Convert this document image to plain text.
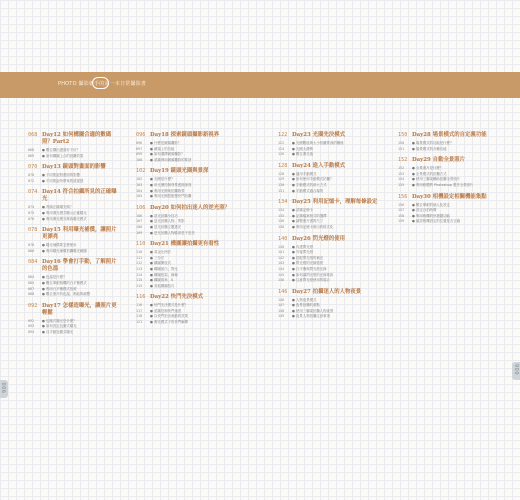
PHOTO 攝影新手的第一本日常攝影書
900
900
068 Day12 如何構圖合適的數碼照？Part2
068	● 數位構出畫面好不好？
069	● 如何構圖上合的拍攝效果
070 Day13 鏡頭對畫面的影響
070	● 不同焦距對畫面的影響
072	● 不同焦距所帶來的透視感
074 Day14 符合拍攝所見的正確曝光
074	● 判讀正確曝光嗎？
075	● 利用測光模式顯示正確曝光
076	● 利用測光模式修改曝光模式
078 Day15 利用曝光補償，讓照片更漂亮
078	● 曝光補償要怎麼使用
080	● 利用曝光補償拍攝曝光範圍
084 Day16 學會打手動，了解照片的色溫
084	● 色溫是什麼？
085	● 數位單眼相機的白平衡模式
087	● 利用白平衡模式拍照
088	● 數位照片的色溫，都能夠調整
092 Day17 怎樣造曝光，讓照片更輕鬆
092	● 包圍式曝光是什麼？
093	● 如何設定包圍式曝光
094	● 自手動包圍式曝光
096 Day18 探索鏡頭攝影新視界
096	● 什麼是鏡頭攝影？
097	● 鏡頭上的功能
099	● 如何選擇鏡頭攝影？
100	● 認識利用鏡頭攝影的要訣
102 Day19 鏡頭光圈與景深
102	● 光圈是什麼？
103	● 用光圈控制背景畫面深淺
104	● 利用光圈來拍攝散景
105	● 利用光圈搭配慢快門拍攝
106 Day20 如何拍出迷人的逆光照？
106	● 逆光拍攝小技巧
107	● 逆光拍攝人物、剪影
108	● 逆光拍攝主題透光
109	● 逆光拍攝人物臉部是不是亮
110 Day21 構圖讓拍攝更有看性
110	● 黃金比例法
111	● 三分法
112	● 構圖開放式
113	● 構圖留白、對比
114	● 構圖框架、線條
115	● 構圖視角、S
115	● 其他構圖技巧
116 Day22 快門先決模式
116	● 快門先決模式是什麼？
117	● 認識控制快門速度
118	● 以快門拍出流動的效果
121	● 測光模式下的快門解釋
122 Day23 光圈先決模式
122	● 光圈數值與大小拍攝景深的關係
124	● 光圈大優勢
126	● 數位測光值
128 Day24 進入手動模式
128	● 適用手動模式
129	● 如何使用手動模式拍攝？
130	● 手動模式的兩大方式
131	● 手動模式適合場景
134 Day25 利用記憶卡，理解每條設定
134	● 認識記憶卡
135	● 記錄檔案格式的選擇
136	● 調整照片畫質尺寸
138	● 利用記憶卡做出的格式化
140 Day26 閃光燈的使用
140	● 內建閃光燈
141	● 外接閃光燈
142	● 搭配閃光燈的補光
143	● 閃光燈的光線強度
144	● 白平衡與閃光燈光線
145	● 如何讓閃光燈的光線柔和
146	● 注意閃光燈使用的場合
146 Day27 拍攝迷人的人物夜景
146	● 人物夜景模式
147	● 夜景拍攝的重點
148	● 使用三腳架拍攝人物夜景
149	● 夜景人物拍攝注意事項
150 Day28 場景模式的自定義功能
150	● 場景模式的功能是什麼？
151	● 場景模式的各種功能
152 Day29 自動全景照片
152	● 全景照片是什麼？
153	● 全景模式的拍攝方式
154	● 使用三腳架輔助拍攝全景照片
155	● 利用軟體將 Photoshop 製作全景照片
156 Day30 相機設定相關機能集點
156	● 數位單眼的個人化設定
157	● 設定自拍時間
158	● 利用相機的快捷鍵功能
159	● 確認相機設定的位置是否正確
